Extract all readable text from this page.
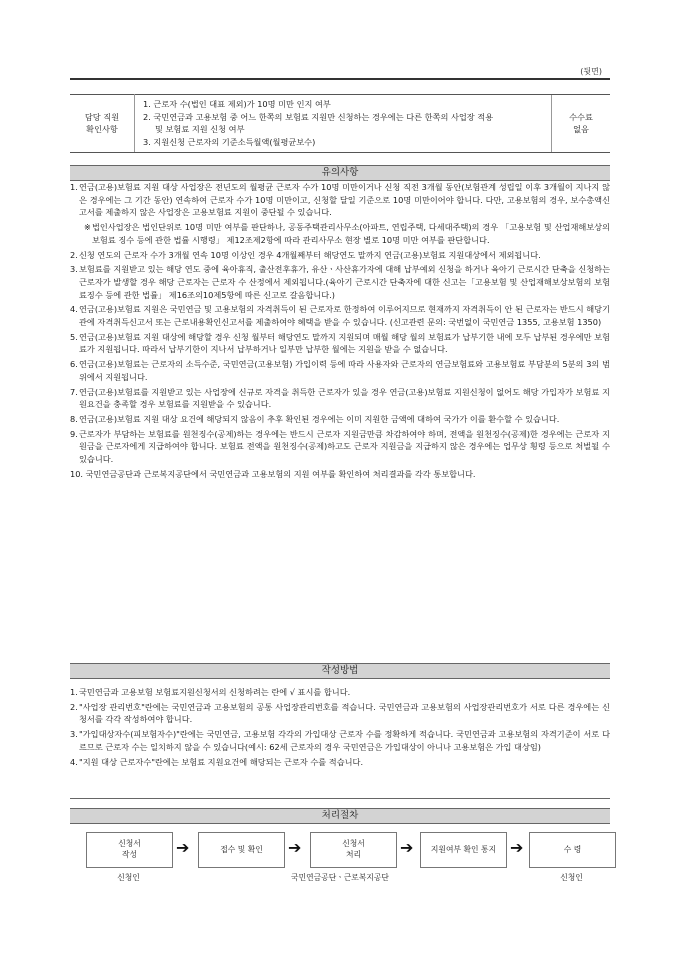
(뒷면)
담당 직원
확인사항

1. 근로자 수(법인 대표 제외)가 10명 미만 인지 여부
2. 국민연금과 고용보험 중 어느 한쪽의 보험료 지원만 신청하는 경우에는 다른 한쪽의 사업장 적용
및 보험료 지원 신청 여부
3. 지원신청 근로자의 기준소득월액(월평균보수)

수수료
없음
유의사항
1. 연금(고용)보험료 지원 대상 사업장은 전년도의 월평균 근로자 수가 10명 미만이거나 신청 직전 3개월 동안(보험관계 성립일 이후 3개월이 지나지 않은 경우에는 그 기간 동안) 연속하여 근로자 수가 10명 미만이고, 신청할 달일 기준으로 10명 미만이어야 합니다. 다만, 고용보험의 경우, 보수총액신고서를 제출하지 않은 사업장은 고용보험료 지원이 중단될 수 있습니다.
※ 법인사업장은 법인단위로 10명 미만 여부를 판단하나, 공동주택관리사무소(아파트, 연립주택, 다세대주택)의 경우 「고용보험 및 산업재해보상의 보험료 징수 등에 관한 법률 시행령」 제12조제2항에 따라 관리사무소 현장 별로 10명 미만 여부를 판단합니다.
2. 신청 연도의 근로자 수가 3개월 연속 10명 이상인 경우 4개월째부터 해당연도 말까지 연금(고용)보험료 지원대상에서 제외됩니다.
3. 보험료를 지원받고 있는 해당 연도 중에 육아휴직, 출산전후휴가, 유산ㆍ사산휴가자에 대해 납부예외 신청을 하거나 육아기 근로시간 단축을 신청하는 근로자가 발생할 경우 해당 근로자는 근로자 수 산정에서 제외됩니다.(육아기 근로시간 단축자에 대한 신고는「고용보험 및 산업재해보상보험의 보험료징수 등에 관한 법률」 제16조의10제5항에 따른 신고로 갈음합니다.)
4. 연금(고용)보험료 지원은 국민연금 및 고용보험의 자격취득이 된 근로자로 한정하여 이루어지므로 현재까지 자격취득이 안 된 근로자는 반드시 해당기관에 자격취득신고서 또는 근로내용확인신고서를 제출하여야 혜택을 받을 수 있습니다. (신고관련 문의: 국번없이 국민연금 1355, 고용보험 1350)
5. 연금(고용)보험료 지원 대상에 해당할 경우 신청 월부터 해당연도 말까지 지원되며 매월 해당 월의 보험료가 납부기한 내에 모두 납부된 경우에만 보험료가 지원됩니다. 따라서 납부기한이 지나서 납부하거나 일부만 납부한 월에는 지원을 받을 수 없습니다.
6. 연금(고용)보험료는 근로자의 소득수준, 국민연금(고용보험) 가입이력 등에 따라 사용자와 근로자의 연금보험료와 고용보험료 부담분의 5분의 3의 범위에서 지원됩니다.
7. 연금(고용)보험료를 지원받고 있는 사업장에 신규로 자격을 취득한 근로자가 있을 경우 연금(고용)보험료 지원신청이 없어도 해당 가입자가 보험료 지원요건을 충족할 경우 보험료를 지원받을 수 있습니다.
8. 연금(고용)보험료 지원 대상 요건에 해당되지 않음이 추후 확인된 경우에는 이미 지원한 금액에 대하여 국가가 이를 환수할 수 있습니다.
9. 근로자가 부담하는 보험료를 원천징수(공제)하는 경우에는 반드시 근로자 지원금만큼 차감하여야 하며, 전액을 원천징수(공제)한 경우에는 근로자 지원금을 근로자에게 지급하여야 합니다. 보험료 전액을 원천징수(공제)하고도 근로자 지원금을 지급하지 않은 경우에는 업무상 횡령 등으로 처벌될 수 있습니다.
10. 국민연금공단과 근로복지공단에서 국민연금과 고용보험의 지원 여부를 확인하여 처리결과를 각각 통보합니다.
작성방법
1. 국민연금과 고용보험 보험료지원신청서의 신청하려는 란에 √ 표시를 합니다.
2. "사업장 관리번호"란에는 국민연금과 고용보험의 공통 사업장관리번호를 적습니다. 국민연금과 고용보험의 사업장관리번호가 서로 다른 경우에는 신청서를 각각 작성하여야 합니다.
3. "가입대상자수(피보험자수)"란에는 국민연금, 고용보험 각각의 가입대상 근로자 수를 정확하게 적습니다. 국민연금과 고용보험의 자격기준이 서로 다르므로 근로자 수는 일치하지 않을 수 있습니다(예시: 62세 근로자의 경우 국민연금은 가입대상이 아니나 고용보험은 가입 대상임)
4. "지원 대상 근로자수"란에는 보험료 지원요건에 해당되는 근로자 수를 적습니다.
처리절차
신청서
작성	➔	접수 및 확인	➔	신청서
처리	➔	지원여부 확인 통지 ➔	수 령
신청인	국민연금공단ㆍ근로복지공단	신청인
